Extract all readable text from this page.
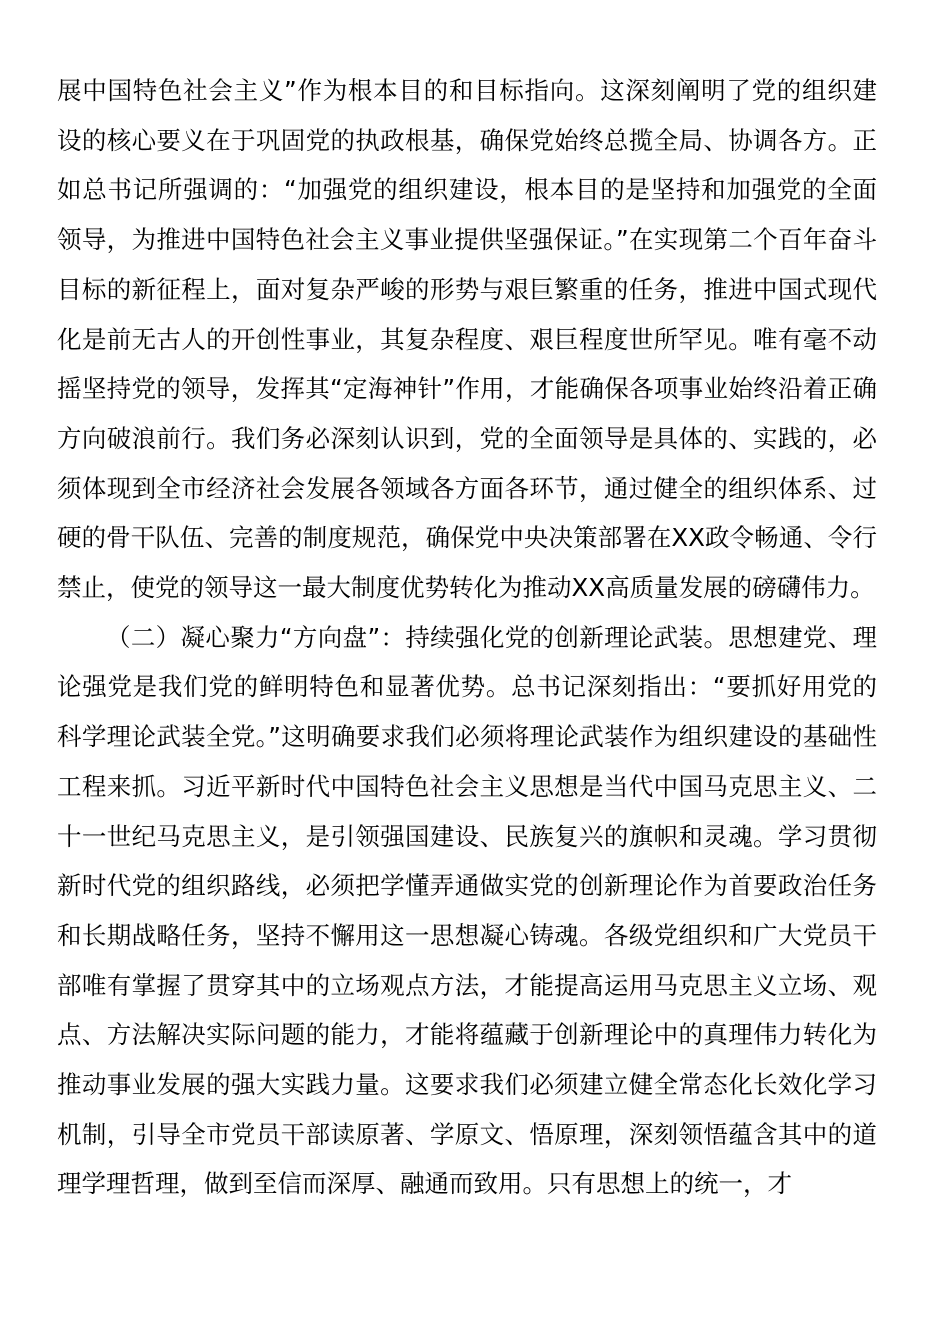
展中国特色社会主义”作为根本目的和目标指向。这深刻阐明了党的组织建设的核心要义在于巩固党的执政根基，确保党始终总揽全局、协调各方。正如总书记所强调的：“加强党的组织建设，根本目的是坚持和加强党的全面领导，为推进中国特色社会主义事业提供坚强保证。”在实现第二个百年奋斗目标的新征程上，面对复杂严峻的形势与艰巨繁重的任务，推进中国式现代化是前无古人的开创性事业，其复杂程度、艰巨程度世所罕见。唯有毫不动摇坚持党的领导，发挥其“定海神针”作用，才能确保各项事业始终沿着正确方向破浪前行。我们务必深刻认识到，党的全面领导是具体的、实践的，必须体现到全市经济社会发展各领域各方面各环节，通过健全的组织体系、过硬的骨干队伍、完善的制度规范，确保党中央决策部署在XX政令畅通、令行禁止，使党的领导这一最大制度优势转化为推动XX高质量发展的磅礴伟力。

（二）凝心聚力“方向盘”：持续强化党的创新理论武装。思想建党、理论强党是我们党的鲜明特色和显著优势。总书记深刻指出：“要抓好用党的科学理论武装全党。”这明确要求我们必须将理论武装作为组织建设的基础性工程来抓。习近平新时代中国特色社会主义思想是当代中国马克思主义、二十一世纪马克思主义，是引领强国建设、民族复兴的旗帜和灵魂。学习贯彻新时代党的组织路线，必须把学懂弄通做实党的创新理论作为首要政治任务和长期战略任务，坚持不懈用这一思想凝心铸魂。各级党组织和广大党员干部唯有掌握了贯穿其中的立场观点方法，才能提高运用马克思主义立场、观点、方法解决实际问题的能力，才能将蕴藏于创新理论中的真理伟力转化为推动事业发展的强大实践力量。这要求我们必须建立健全常态化长效化学习机制，引导全市党员干部读原著、学原文、悟原理，深刻领悟蕴含其中的道理学理哲理，做到至信而深厚、融通而致用。只有思想上的统一，才
